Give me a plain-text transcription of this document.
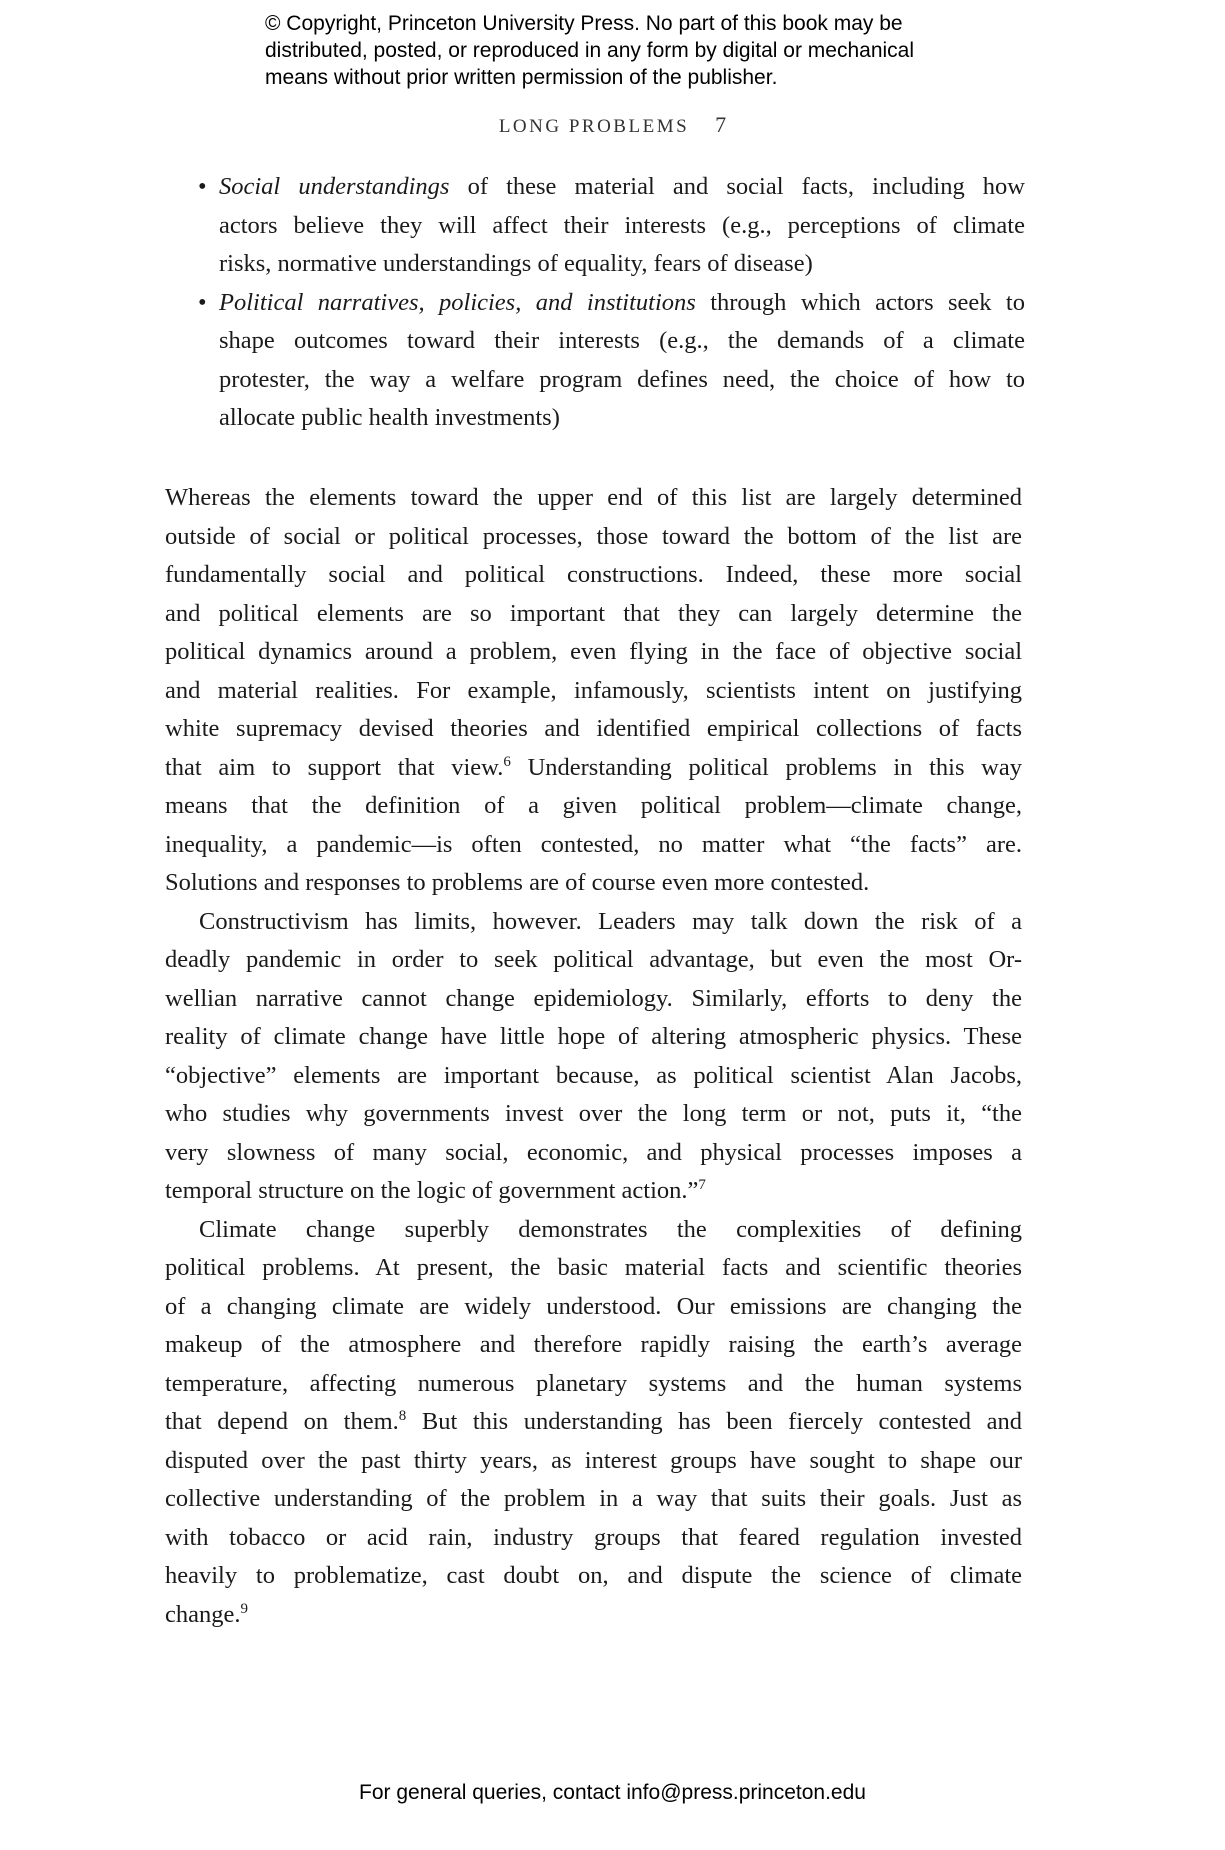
© Copyright, Princeton University Press. No part of this book may be
distributed, posted, or reproduced in any form by digital or mechanical
means without prior written permission of the publisher.
LONG PROBLEMS 7
• Social understandings of these material and social facts, including how
actors believe they will affect their interests (e.g., perceptions of climate
risks, normative understandings of equality, fears of disease)
• Political narratives, policies, and institutions through which actors seek to
shape outcomes toward their interests (e.g., the demands of a climate
protester, the way a welfare program defines need, the choice of how to
allocate public health investments)
Whereas the elements toward the upper end of this list are largely determined
outside of social or political processes, those toward the bottom of the list are
fundamentally social and political constructions. Indeed, these more social
and political elements are so important that they can largely determine the
political dynamics around a problem, even flying in the face of objective social
and material realities. For example, infamously, scientists intent on justifying
white supremacy devised theories and identified empirical collections of facts
that aim to support that view.$^6$ Understanding political problems in this way
means that the definition of a given political problem—climate change,
inequality, a pandemic—is often contested, no matter what “the facts” are.
Solutions and responses to problems are of course even more contested.
Constructivism has limits, however. Leaders may talk down the risk of a
deadly pandemic in order to seek political advantage, but even the most Or-
wellian narrative cannot change epidemiology. Similarly, efforts to deny the
reality of climate change have little hope of altering atmospheric physics. These
“objective” elements are important because, as political scientist Alan Jacobs,
who studies why governments invest over the long term or not, puts it, “the
very slowness of many social, economic, and physical processes imposes a
temporal structure on the logic of government action.”$^7$
Climate change superbly demonstrates the complexities of defining
political problems. At present, the basic material facts and scientific theories
of a changing climate are widely understood. Our emissions are changing the
makeup of the atmosphere and therefore rapidly raising the earth’s average
temperature, affecting numerous planetary systems and the human systems
that depend on them.$^8$ But this understanding has been fiercely contested and
disputed over the past thirty years, as interest groups have sought to shape our
collective understanding of the problem in a way that suits their goals. Just as
with tobacco or acid rain, industry groups that feared regulation invested
heavily to problematize, cast doubt on, and dispute the science of climate
change.$^9$
For general queries, contact info@press.princeton.edu
